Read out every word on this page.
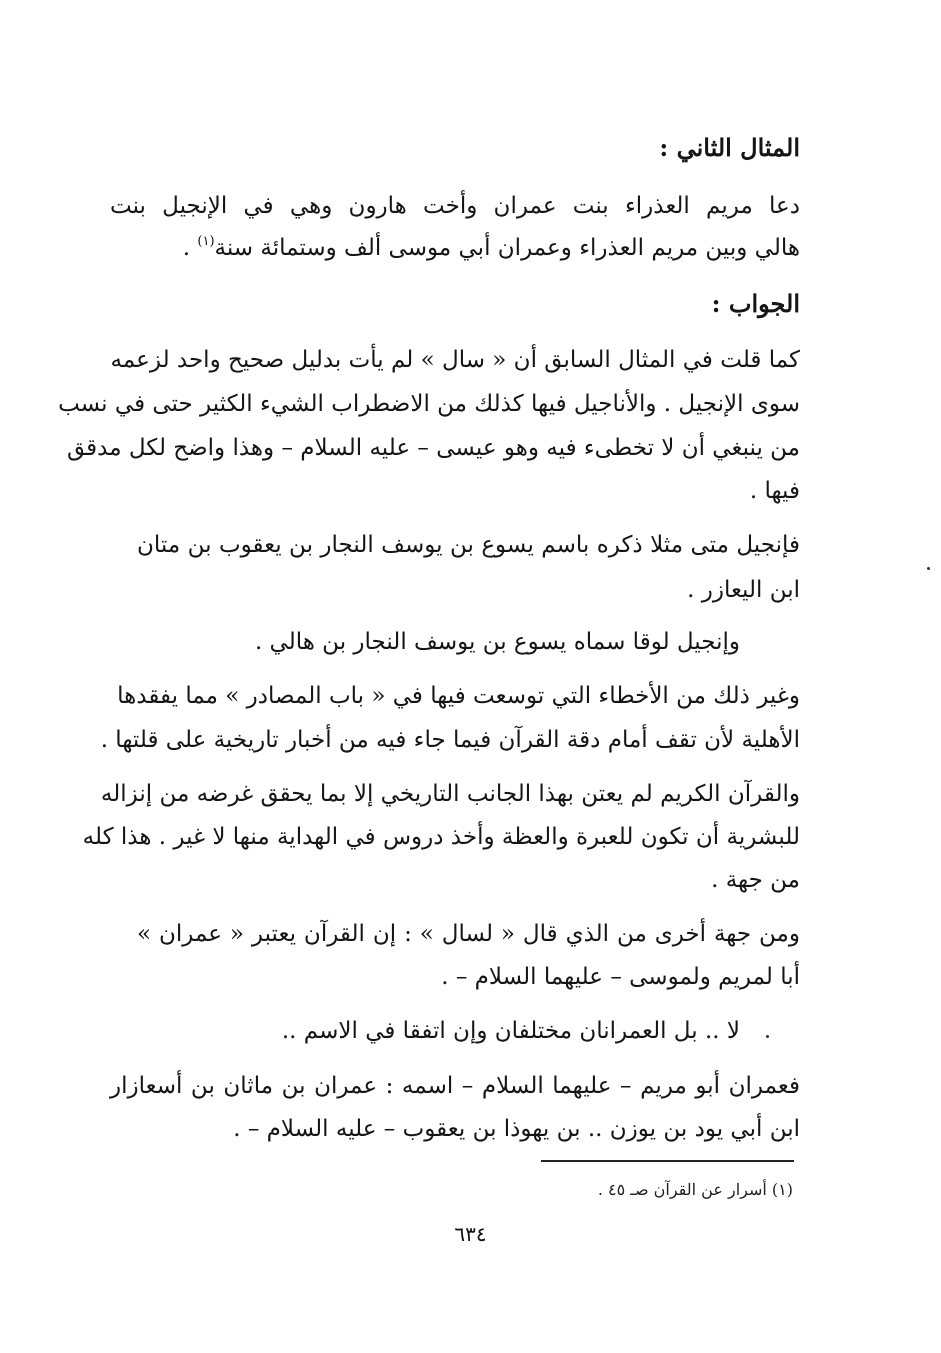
المثال الثاني :
دعا مريم العذراء بنت عمران وأخت هارون وهي في الإنجيل بنت
هالي وبين مريم العذراء وعمران أبي موسى ألف وستمائة سنة$^{(١)}$ .
الجواب :
كما قلت في المثال السابق أن « سال » لم يأت بدليل صحيح واحد لزعمه
سوى الإنجيل . والأناجيل فيها كذلك من الاضطراب الشيء الكثير حتى في نسب
من ينبغي أن لا تخطىء فيه وهو عيسى – عليه السلام – وهذا واضح لكل مدقق
فيها .
فإنجيل متى مثلا ذكره باسم يسوع بن يوسف النجار بن يعقوب بن متان
ابن اليعازر .
وإنجيل لوقا سماه يسوع بن يوسف النجار بن هالي .
وغير ذلك من الأخطاء التي توسعت فيها في « باب المصادر » مما يفقدها
الأهلية لأن تقف أمام دقة القرآن فيما جاء فيه من أخبار تاريخية على قلتها .
والقرآن الكريم لم يعتن بهذا الجانب التاريخي إلا بما يحقق غرضه من إنزاله
للبشرية أن تكون للعبرة والعظة وأخذ دروس في الهداية منها لا غير . هذا كله
من جهة .
ومن جهة أخرى من الذي قال « لسال » : إن القرآن يعتبر « عمران »
أبا لمريم ولموسى – عليهما السلام – .
لا .. بل العمرانان مختلفان وإن اتفقا في الاسم ..
فعمران أبو مريم – عليهما السلام – اسمه : عمران بن ماثان بن أسعازار
ابن أبي يود بن يوزن .. بن يهوذا بن يعقوب – عليه السلام – .
(١) أسرار عن القرآن صـ ٤٥ .
٦٣٤
